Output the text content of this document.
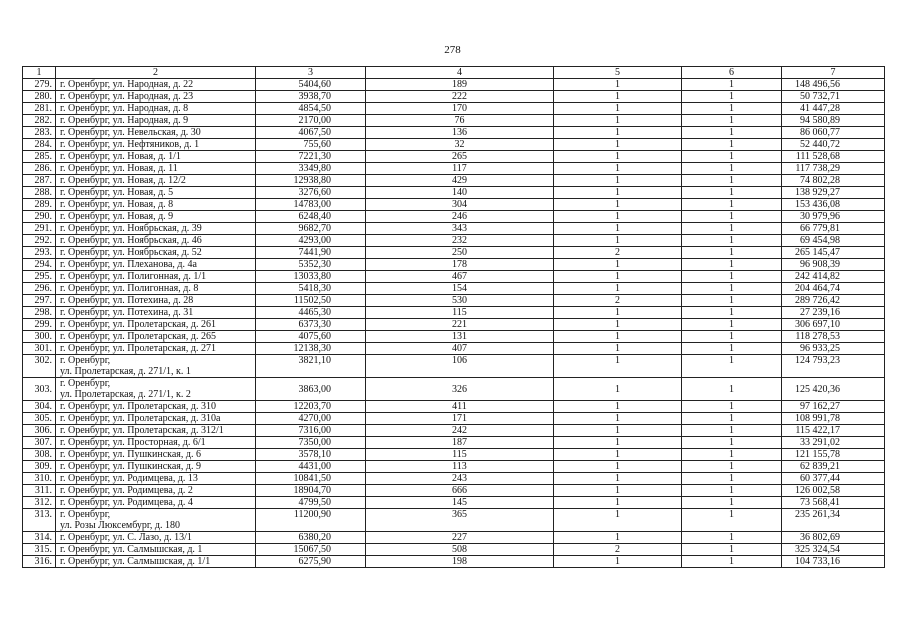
278
1	2	3	4	5	6	7
279.	г. Оренбург, ул. Народная, д. 22	5404,60	189	1	1	148 496,56
280.	г. Оренбург, ул. Народная, д. 23	3938,70	222	1	1	50 732,71
281.	г. Оренбург, ул. Народная, д. 8	4854,50	170	1	1	41 447,28
282.	г. Оренбург, ул. Народная, д. 9	2170,00	76	1	1	94 580,89
283.	г. Оренбург, ул. Невельская, д. 30	4067,50	136	1	1	86 060,77
284.	г. Оренбург, ул. Нефтяников, д. 1	755,60	32	1	1	52 440,72
285.	г. Оренбург, ул. Новая, д. 1/1	7221,30	265	1	1	111 528,68
286.	г. Оренбург, ул. Новая, д. 11	3349,80	117	1	1	117 738,29
287.	г. Оренбург, ул. Новая, д. 12/2	12938,80	429	1	1	74 802,28
288.	г. Оренбург, ул. Новая, д. 5	3276,60	140	1	1	138 929,27
289.	г. Оренбург, ул. Новая, д. 8	14783,00	304	1	1	153 436,08
290.	г. Оренбург, ул. Новая, д. 9	6248,40	246	1	1	30 979,96
291.	г. Оренбург, ул. Ноябрьская, д. 39	9682,70	343	1	1	66 779,81
292.	г. Оренбург, ул. Ноябрьская, д. 46	4293,00	232	1	1	69 454,98
293.	г. Оренбург, ул. Ноябрьская, д. 52	7441,90	250	2	1	265 145,47
294.	г. Оренбург, ул. Плеханова, д. 4а	5352,30	178	1	1	96 908,39
295.	г. Оренбург, ул. Полигонная, д. 1/1	13033,80	467	1	1	242 414,82
296.	г. Оренбург, ул. Полигонная, д. 8	5418,30	154	1	1	204 464,74
297.	г. Оренбург, ул. Потехина, д. 28	11502,50	530	2	1	289 726,42
298.	г. Оренбург, ул. Потехина, д. 31	4465,30	115	1	1	27 239,16
299.	г. Оренбург, ул. Пролетарская, д. 261	6373,30	221	1	1	306 697,10
300.	г. Оренбург, ул. Пролетарская, д. 265	4075,60	131	1	1	118 278,53
301.	г. Оренбург, ул. Пролетарская, д. 271	12138,30	407	1	1	96 933,25
302.	г. Оренбург,
ул. Пролетарская, д. 271/1, к. 1	3821,10	106	1	1	124 793,23
303.	г. Оренбург,
ул. Пролетарская, д. 271/1, к. 2	3863,00	326	1	1	125 420,36
304.	г. Оренбург, ул. Пролетарская, д. 310	12203,70	411	1	1	97 162,27
305.	г. Оренбург, ул. Пролетарская, д. 310а	4270,00	171	1	1	108 991,78
306.	г. Оренбург, ул. Пролетарская, д. 312/1	7316,00	242	1	1	115 422,17
307.	г. Оренбург, ул. Просторная, д. 6/1	7350,00	187	1	1	33 291,02
308.	г. Оренбург, ул. Пушкинская, д. 6	3578,10	115	1	1	121 155,78
309.	г. Оренбург, ул. Пушкинская, д. 9	4431,00	113	1	1	62 839,21
310.	г. Оренбург, ул. Родимцева, д. 13	10841,50	243	1	1	60 377,44
311.	г. Оренбург, ул. Родимцева, д. 2	18904,70	666	1	1	126 002,58
312.	г. Оренбург, ул. Родимцева, д. 4	4799,50	145	1	1	73 568,41
313.	г. Оренбург,
ул. Розы Люксембург, д. 180	11200,90	365	1	1	235 261,34
314.	г. Оренбург, ул. С. Лазо, д. 13/1	6380,20	227	1	1	36 802,69
315.	г. Оренбург, ул. Салмышская, д. 1	15067,50	508	2	1	325 324,54
316.	г. Оренбург, ул. Салмышская, д. 1/1	6275,90	198	1	1	104 733,16
